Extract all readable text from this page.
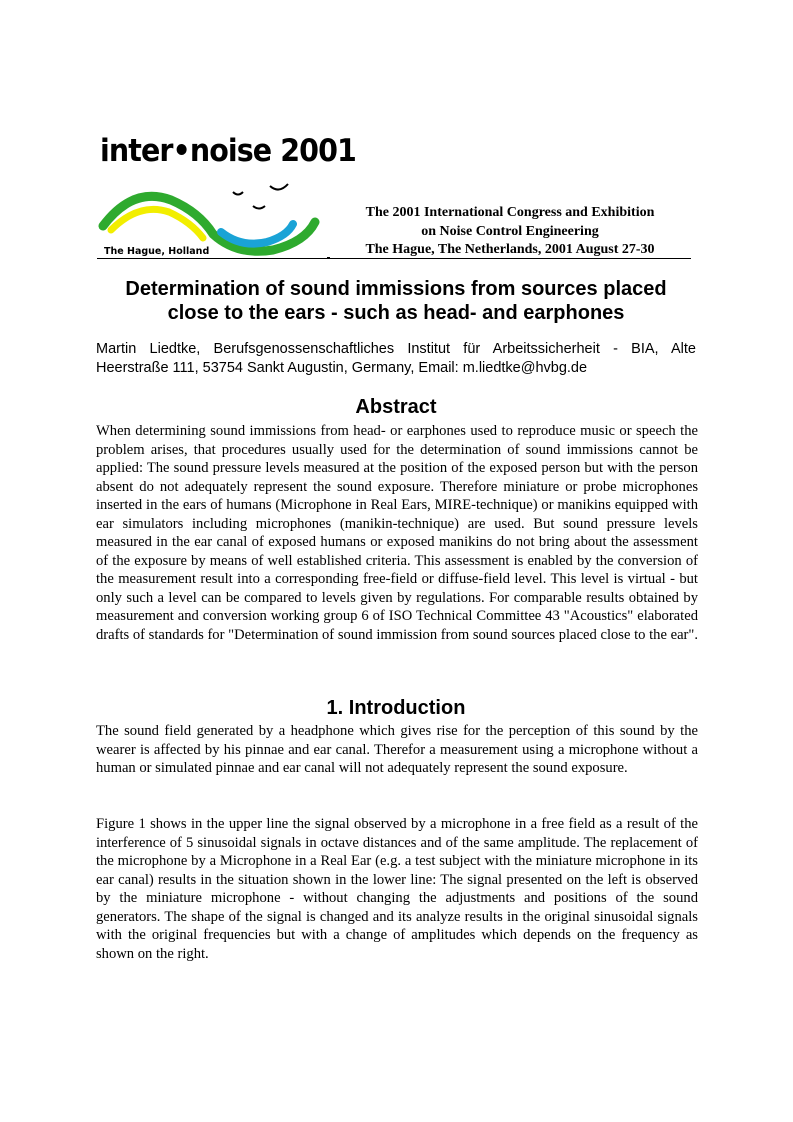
inter•noise 2001
The Hague, Holland
The 2001 International Congress and Exhibition
on Noise Control Engineering
The Hague, The Netherlands, 2001 August 27-30
Determination of sound immissions from sources placed
close to the ears - such as head- and earphones
Martin Liedtke, Berufsgenossenschaftliches Institut für Arbeitssicherheit - BIA, Alte Heerstraße 111, 53754 Sankt Augustin, Germany, Email: m.liedtke@hvbg.de
Abstract
When determining sound immissions from head- or earphones used to reproduce music or speech the problem arises, that procedures usually used for the determination of sound immissions cannot be applied: The sound pressure levels measured at the position of the exposed person but with the person absent do not adequately represent the sound exposure. Therefore miniature or probe microphones inserted in the ears of humans (Microphone in Real Ears, MIRE-technique) or manikins equipped with ear simulators including microphones (manikin-technique) are used. But sound pressure levels measured in the ear canal of exposed humans or exposed manikins do not bring about the assessment of the exposure by means of well established criteria. This assessment is enabled by the conversion of the measurement result into a corresponding free-field or diffuse-field level. This level is virtual - but only such a level can be compared to levels given by regulations. For comparable results obtained by measurement and conversion working group 6 of ISO Technical Committee 43 "Acoustics" elaborated drafts of standards for "Determination of sound immission from sound sources placed close to the ear".
1. Introduction
The sound field generated by a headphone which gives rise for the perception of this sound by the wearer is affected by his pinnae and ear canal. Therefor a measurement using a microphone without a human or simulated pinnae and ear canal will not adequately represent the sound exposure.
Figure 1 shows in the upper line the signal observed by a microphone in a free field as a result of the interference of 5 sinusoidal signals in octave distances and of the same amplitude. The replacement of the microphone by a Microphone in a Real Ear (e.g. a test subject with the miniature microphone in its ear canal) results in the situation shown in the lower line: The signal presented on the left is observed by the miniature microphone - without changing the adjustments and positions of the sound generators. The shape of the signal is changed and its analyze results in the original sinusoidal signals with the original frequencies but with a change of amplitudes which depends on the frequency as shown on the right.
